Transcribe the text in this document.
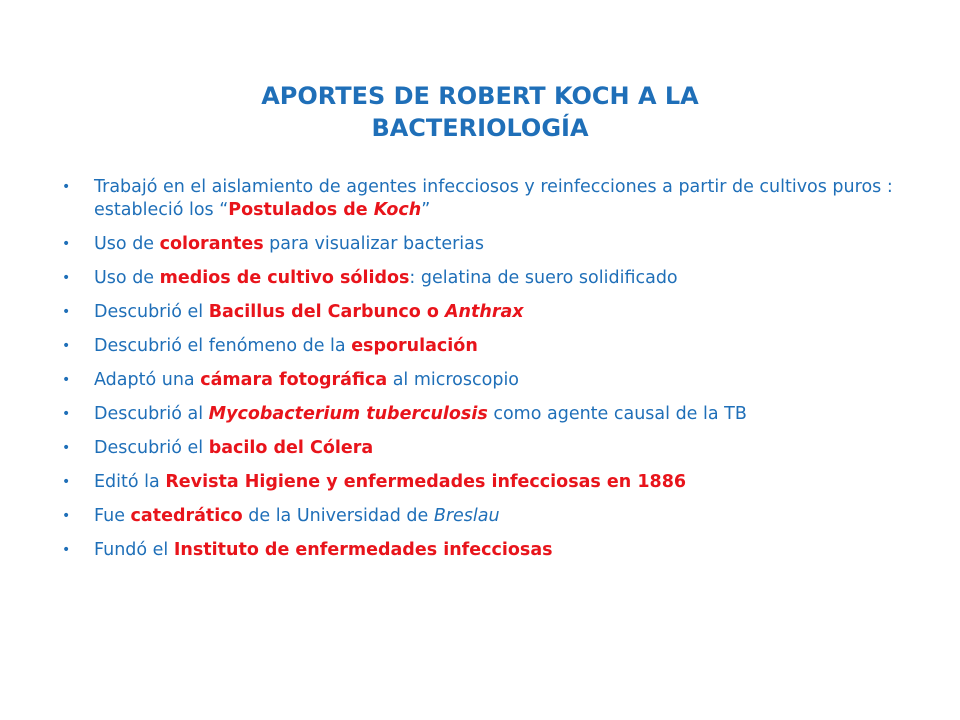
APORTES DE ROBERT KOCH A LA
BACTERIOLOGÍA
• Trabajó en el aislamiento de agentes infecciosos y reinfecciones a partir de cultivos puros : estableció los “Postulados de Koch”
• Uso de colorantes para visualizar bacterias
• Uso de medios de cultivo sólidos: gelatina de suero solidificado
• Descubrió el Bacillus del Carbunco o Anthrax
• Descubrió el fenómeno de la esporulación
• Adaptó una cámara fotográfica al microscopio
• Descubrió al Mycobacterium tuberculosis como agente causal de la TB
• Descubrió el bacilo del Cólera
• Editó la Revista Higiene y enfermedades infecciosas en 1886
• Fue catedrático de la Universidad de Breslau
• Fundó el Instituto de enfermedades infecciosas
